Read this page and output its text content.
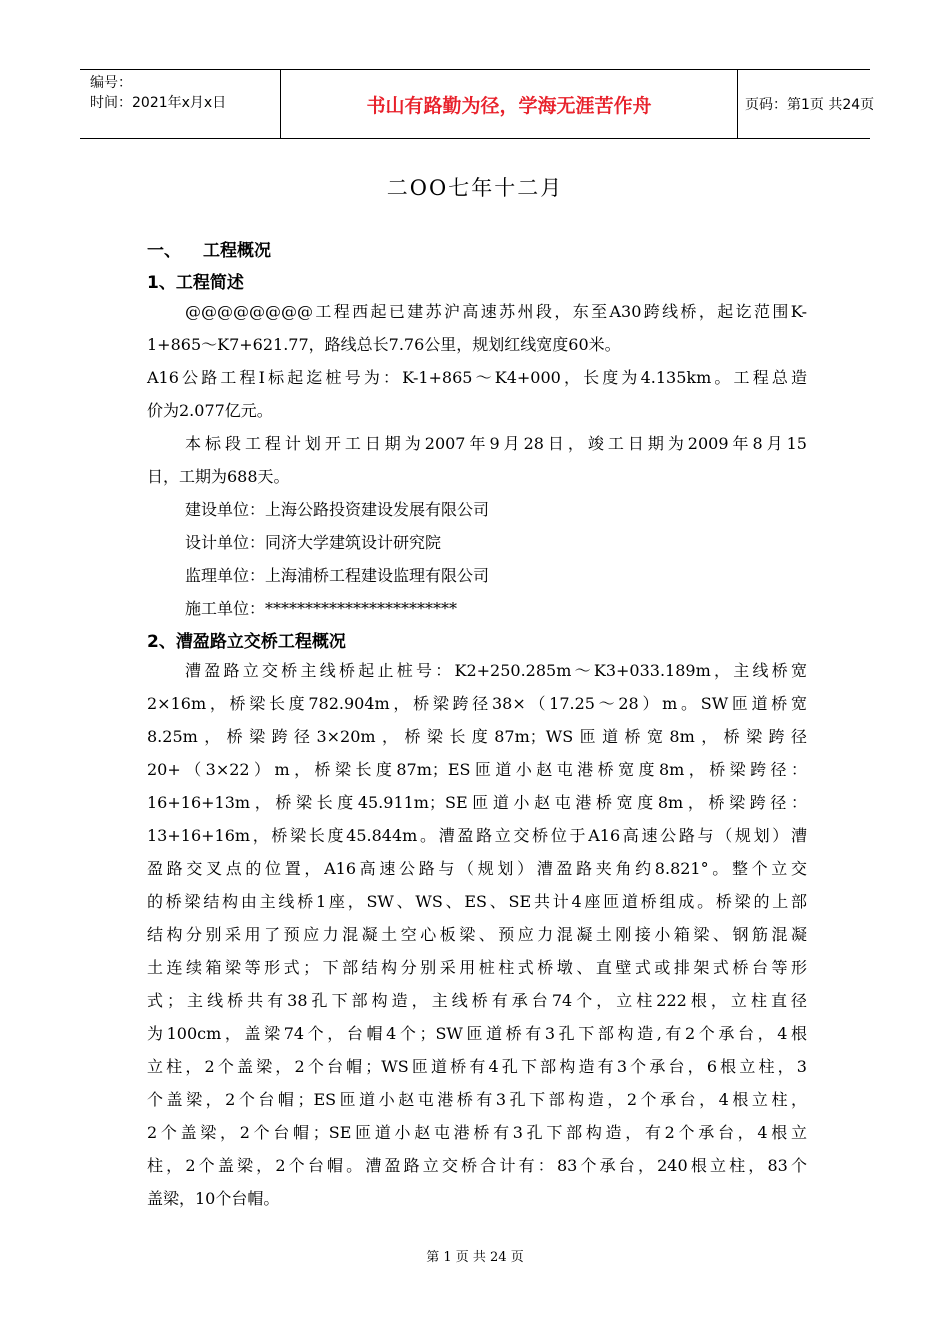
编号：
时间：2021年x月x日	书山有路勤为径，学海无涯苦作舟	页码：第1页 共24页
二OO七年十二月
一、 工程概况
1、工程简述
@@@@@@@@工程西起已建苏沪高速苏州段，东至A30跨线桥，起讫范围K-
1+865～K7+621.77，路线总长7.76公里，规划红线宽度60米。
A16公路工程Ⅰ标起迄桩号为：K-1+865～K4+000，长度为4.135km。工程总造
价为2.077亿元。
本标段工程计划开工日期为2007年9月28日，竣工日期为2009年8月15
日，工期为688天。
建设单位：上海公路投资建设发展有限公司
设计单位：同济大学建筑设计研究院
监理单位：上海浦桥工程建设监理有限公司
施工单位：************************
2、漕盈路立交桥工程概况
漕盈路立交桥主线桥起止桩号：K2+250.285m～K3+033.189m，主线桥宽
2×16m，桥梁长度782.904m，桥梁跨径38×（17.25～28）m。SW匝道桥宽
8.25m，桥梁跨径3×20m，桥梁长度87m；WS匝道桥宽8m，桥梁跨径
20+（3×22）m，桥梁长度87m；ES匝道小赵屯港桥宽度8m，桥梁跨径：
16+16+13m，桥梁长度45.911m；SE匝道小赵屯港桥宽度8m，桥梁跨径：
13+16+16m，桥梁长度45.844m。漕盈路立交桥位于A16高速公路与（规划）漕
盈路交叉点的位置，A16高速公路与（规划）漕盈路夹角约8.821°。整个立交
的桥梁结构由主线桥1座，SW、WS、ES、SE共计4座匝道桥组成。桥梁的上部
结构分别采用了预应力混凝土空心板梁、预应力混凝土刚接小箱梁、钢筋混凝
土连续箱梁等形式；下部结构分别采用桩柱式桥墩、直壁式或排架式桥台等形
式；主线桥共有38孔下部构造，主线桥有承台74个，立柱222根，立柱直径
为100cm，盖梁74个，台帽4个；SW匝道桥有3孔下部构造,有2个承台，4根
立柱，2个盖梁，2个台帽；WS匝道桥有4孔下部构造有3个承台，6根立柱，3
个盖梁，2个台帽；ES匝道小赵屯港桥有3孔下部构造，2个承台，4根立柱，
2个盖梁，2个台帽；SE匝道小赵屯港桥有3孔下部构造，有2个承台，4根立
柱，2个盖梁，2个台帽。漕盈路立交桥合计有：83个承台，240根立柱，83个
盖梁，10个台帽。
第 1 页 共 24 页
